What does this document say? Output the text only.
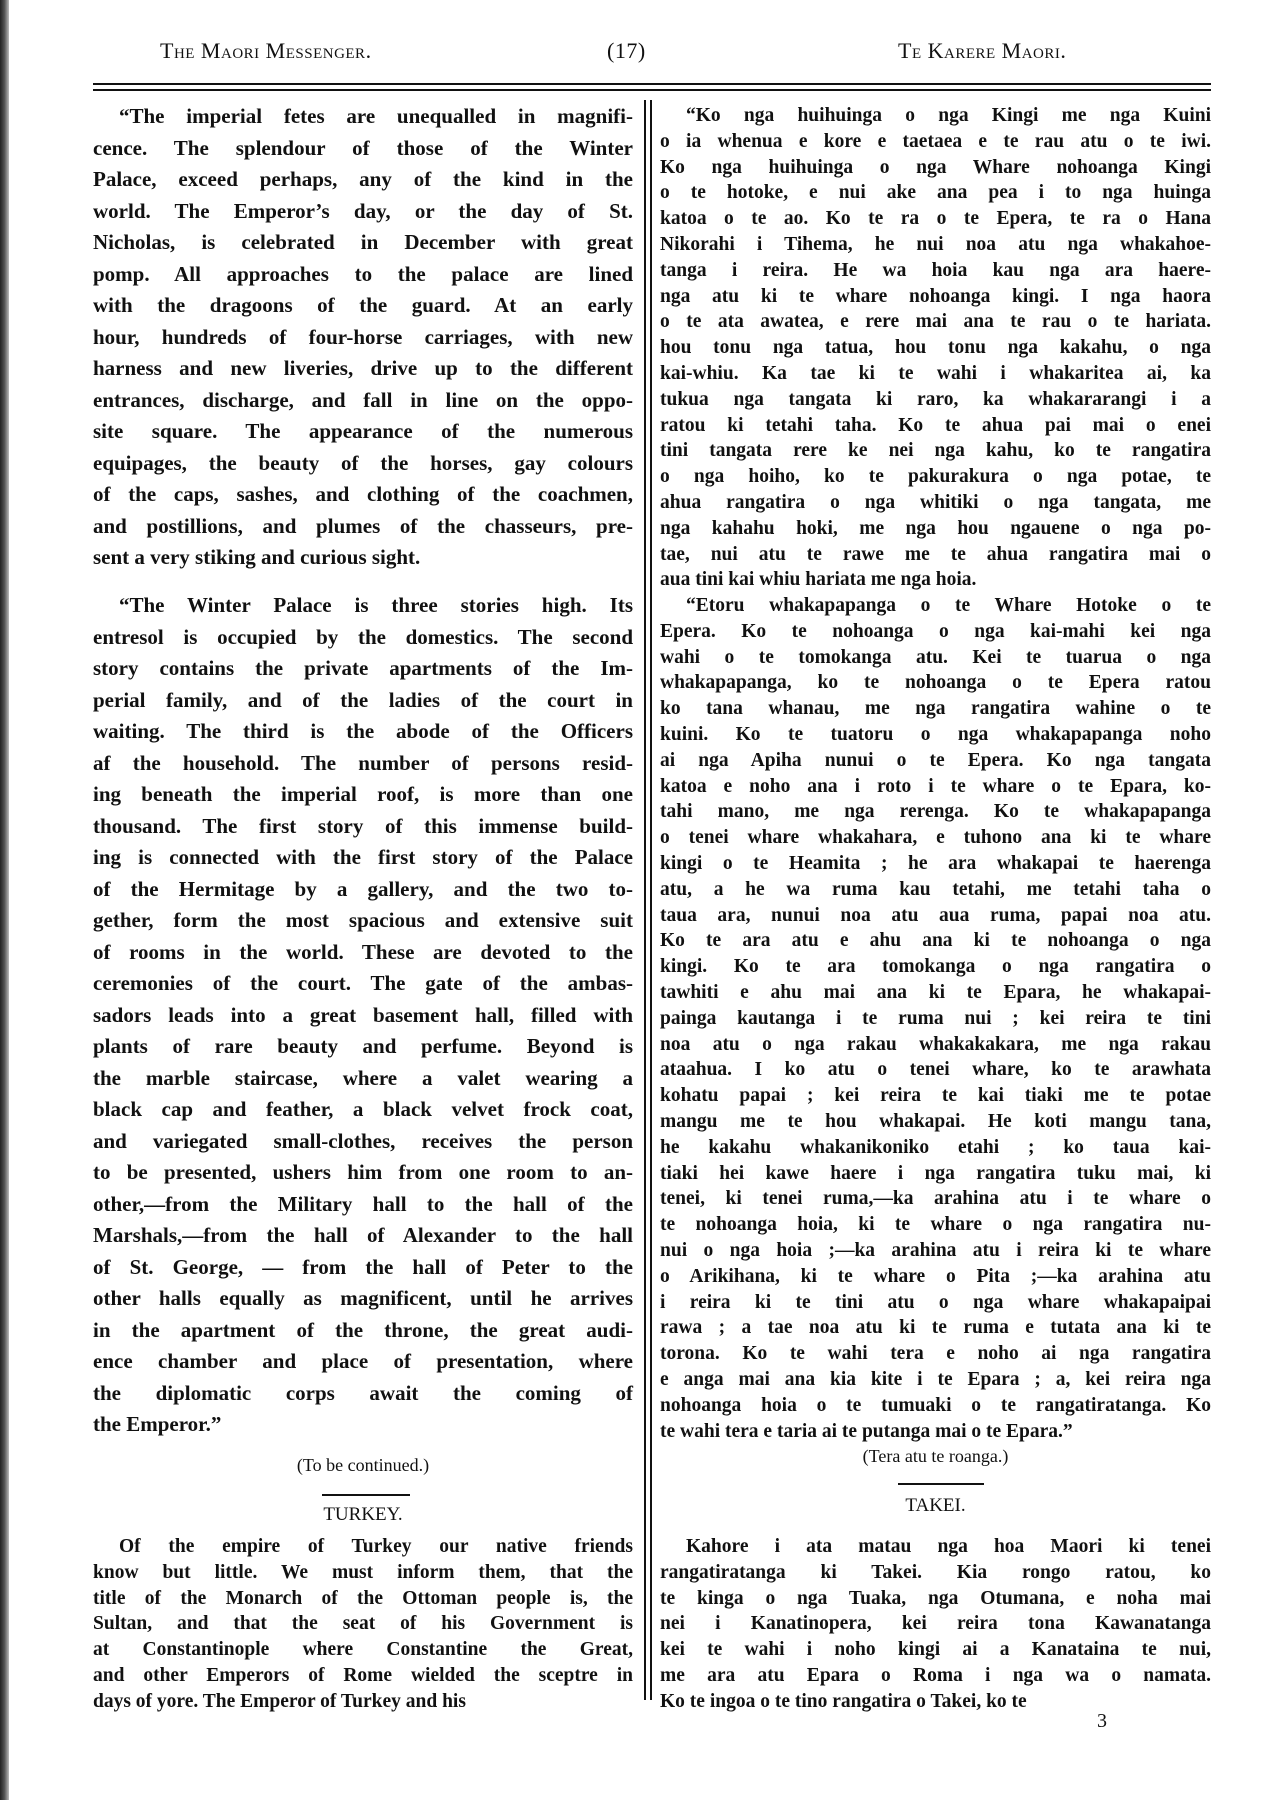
The Maori Messenger.	(17)	Te Karere Maori.
“The imperial fetes are unequalled in magnifi-
cence. The splendour of those of the Winter
Palace, exceed perhaps, any of the kind in the
world. The Emperor’s day, or the day of St.
Nicholas, is celebrated in December with great
pomp. All approaches to the palace are lined
with the dragoons of the guard. At an early
hour, hundreds of four-horse carriages, with new
harness and new liveries, drive up to the different
entrances, discharge, and fall in line on the oppo-
site square. The appearance of the numerous
equipages, the beauty of the horses, gay colours
of the caps, sashes, and clothing of the coachmen,
and postillions, and plumes of the chasseurs, pre-
sent a very stiking and curious sight.
“The Winter Palace is three stories high. Its
entresol is occupied by the domestics. The second
story contains the private apartments of the Im-
perial family, and of the ladies of the court in
waiting. The third is the abode of the Officers
af the household. The number of persons resid-
ing beneath the imperial roof, is more than one
thousand. The first story of this immense build-
ing is connected with the first story of the Palace
of the Hermitage by a gallery, and the two to-
gether, form the most spacious and extensive suit
of rooms in the world. These are devoted to the
ceremonies of the court. The gate of the ambas-
sadors leads into a great basement hall, filled with
plants of rare beauty and perfume. Beyond is
the marble staircase, where a valet wearing a
black cap and feather, a black velvet frock coat,
and variegated small-clothes, receives the person
to be presented, ushers him from one room to an-
other,—from the Military hall to the hall of the
Marshals,—from the hall of Alexander to the hall
of St. George, — from the hall of Peter to the
other halls equally as magnificent, until he arrives
in the apartment of the throne, the great audi-
ence chamber and place of presentation, where
the diplomatic corps await the coming of
the Emperor.”
(To be continued.)
TURKEY.
Of the empire of Turkey our native friends
know but little. We must inform them, that the
title of the Monarch of the Ottoman people is, the
Sultan, and that the seat of his Government is
at Constantinople where Constantine the Great,
and other Emperors of Rome wielded the sceptre in
days of yore. The Emperor of Turkey and his
“Ko nga huihuinga o nga Kingi me nga Kuini
o ia whenua e kore e taetaea e te rau atu o te iwi.
Ko nga huihuinga o nga Whare nohoanga Kingi
o te hotoke, e nui ake ana pea i to nga huinga
katoa o te ao. Ko te ra o te Epera, te ra o Hana
Nikorahi i Tihema, he nui noa atu nga whakahoe-
tanga i reira. He wa hoia kau nga ara haere-
nga atu ki te whare nohoanga kingi. I nga haora
o te ata awatea, e rere mai ana te rau o te hariata.
hou tonu nga tatua, hou tonu nga kakahu, o nga
kai-whiu. Ka tae ki te wahi i whakaritea ai, ka
tukua nga tangata ki raro, ka whakararangi i a
ratou ki tetahi taha. Ko te ahua pai mai o enei
tini tangata rere ke nei nga kahu, ko te rangatira
o nga hoiho, ko te pakurakura o nga potae, te
ahua rangatira o nga whitiki o nga tangata, me
nga kahahu hoki, me nga hou ngauene o nga po-
tae, nui atu te rawe me te ahua rangatira mai o
aua tini kai whiu hariata me nga hoia.
“Etoru whakapapanga o te Whare Hotoke o te
Epera. Ko te nohoanga o nga kai-mahi kei nga
wahi o te tomokanga atu. Kei te tuarua o nga
whakapapanga, ko te nohoanga o te Epera ratou
ko tana whanau, me nga rangatira wahine o te
kuini. Ko te tuatoru o nga whakapapanga noho
ai nga Apiha nunui o te Epera. Ko nga tangata
katoa e noho ana i roto i te whare o te Epara, ko-
tahi mano, me nga rerenga. Ko te whakapapanga
o tenei whare whakahara, e tuhono ana ki te whare
kingi o te Heamita ; he ara whakapai te haerenga
atu, a he wa ruma kau tetahi, me tetahi taha o
taua ara, nunui noa atu aua ruma, papai noa atu.
Ko te ara atu e ahu ana ki te nohoanga o nga
kingi. Ko te ara tomokanga o nga rangatira o
tawhiti e ahu mai ana ki te Epara, he whakapai-
painga kautanga i te ruma nui ; kei reira te tini
noa atu o nga rakau whakakakara, me nga rakau
ataahua. I ko atu o tenei whare, ko te arawhata
kohatu papai ; kei reira te kai tiaki me te potae
mangu me te hou whakapai. He koti mangu tana,
he kakahu whakanikoniko etahi ; ko taua kai-
tiaki hei kawe haere i nga rangatira tuku mai, ki
tenei, ki tenei ruma,—ka arahina atu i te whare o
te nohoanga hoia, ki te whare o nga rangatira nu-
nui o nga hoia ;—ka arahina atu i reira ki te whare
o Arikihana, ki te whare o Pita ;—ka arahina atu
i reira ki te tini atu o nga whare whakapaipai
rawa ; a tae noa atu ki te ruma e tutata ana ki te
torona. Ko te wahi tera e noho ai nga rangatira
e anga mai ana kia kite i te Epara ; a, kei reira nga
nohoanga hoia o te tumuaki o te rangatiratanga. Ko
te wahi tera e taria ai te putanga mai o te Epara.”
(Tera atu te roanga.)
TAKEI.
Kahore i ata matau nga hoa Maori ki tenei
rangatiratanga ki Takei. Kia rongo ratou, ko
te kinga o nga Tuaka, nga Otumana, e noha mai
nei i Kanatinopera, kei reira tona Kawanatanga
kei te wahi i noho kingi ai a Kanataina te nui,
me ara atu Epara o Roma i nga wa o namata.
Ko te ingoa o te tino rangatira o Takei, ko te
3
